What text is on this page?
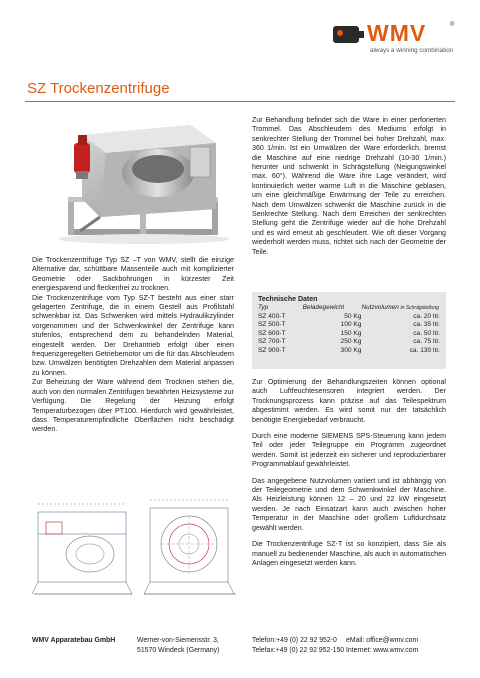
WMV	®
always a winning combination
SZ Trockenzentrifuge

Die Trockenzentrifuge Typ SZ –T von WMV, stellt die einzige Alternative dar, schüttbare Massenteile auch mit komplizierter Geometrie oder Sackbohrungen in kürzester Zeit energiesparend und fleckenfrei zu trocknen.

Die Trockenzentrifuge vom Typ SZ-T besteht aus einer starr gelagerten Zentrifuge, die in einem Gestell aus Profilstahl schwenkbar ist. Das Schwenken wird mittels Hydraulikzylinder vorgenommen und der Schwenkwinkel der Zentrifuge kann stufenlos, entsprechend dem zu behandelnden Material, eingestellt werden. Der Drehantrieb erfolgt über einen frequenzgeregelten Getriebemotor um die für das Abschleudern bzw. Umwälzen benötigten Drehzahlen dem Material anpassen zu können.

Zur Beheizung der Ware während dem Trocknen stehen die, auch von den normalen Zentrifugen bewährten Heizsysteme zur Verfügung. Die Regelung der Heizung erfolgt Temperaturbezogen über PT100. Hierdurch wird gewährleistet, dass Temperaturempfindliche Oberflächen nicht beschädigt werden.

Zur Behandlung befindet sich die Ware in einer perforierten Trommel. Das Abschleudern des Mediums erfolgt in senkrechter Stellung der Trommel bei hoher Drehzahl, max. 360 1/min. Ist ein Umwälzen der Ware erforderlich, bremst die Maschine auf eine niedrige Drehzahl (10-30 1/min.) herunter und schwenkt in Schrägstellung (Neigungswinkel max. 60°). Während die Ware ihre Lage verändert, wird kontinuierlich weiter warme Luft in die Maschine geblasen, um eine gleichmäßige Erwärmung der Teile zu erreichen. Nach dem Umwälzen schwenkt die Maschine zurück in die Senkrechte Stellung. Nach dem Erreichen der senkrechten Stellung geht die Zentrifuge wieder auf die hohe Drehzahl und es wird erneut ab geschleudert. Wie oft dieser Vorgang wiederholt werden muss, richtet sich nach der Geometrie der Teile.

Technische Daten
Typ	Beladegewicht	Nutzvolumen in Schrägstellung
SZ 400-T	50 Kg	ca. 20 ltr.
SZ 500-T	100 Kg	ca. 35 ltr.
SZ 600-T	150 Kg	ca. 50 ltr.
SZ 700-T	250 Kg	ca. 75 ltr.
SZ 900-T	300 Kg	ca. 130 ltr.

Zur Optimierung der Behandlungszeiten können optional auch Luftfeuchtesensoren integriert werden. Der Trocknungsprozess kann präzise auf das Teilespektrum abgestimmt werden. Es wird somit nur der tatsächlich benötigte Energiebedarf verbraucht.

Durch eine moderne SIEMENS SPS-Steuerung kann jedem Teil oder jeder Teilegruppe ein Programm zugeordnet werden. Somit ist jederzeit ein sicherer und reproduzierbarer Programmablauf gewährleistet.

Das angegebene Nutzvolumen variiert und ist abhängig von der Teilegeometrie und dem Schwenkwinkel der Maschine. Als Heizleistung können 12 – 20 und 22 kW eingesetzt werden. Je nach Einsatzart kann auch zwischen hoher Temperatur in der Maschine oder großem Luftdurchsatz gewählt werden.

Die Trockenzentrifuge SZ-T ist so konzipiert, dass Sie als manuell zu bedienender Maschine, als auch in automatischen Anlagen eingesetzt werden kann.

WMV Apparatebau GmbH	Werner-von-Siemensstr. 3,
51570 Windeck (Germany)
Telefon:+49 (0) 22 92 952-0
Telefax:+49 (0) 22 92 952-150
eMail: office@wmv.com
Internet: www.wmv.com
